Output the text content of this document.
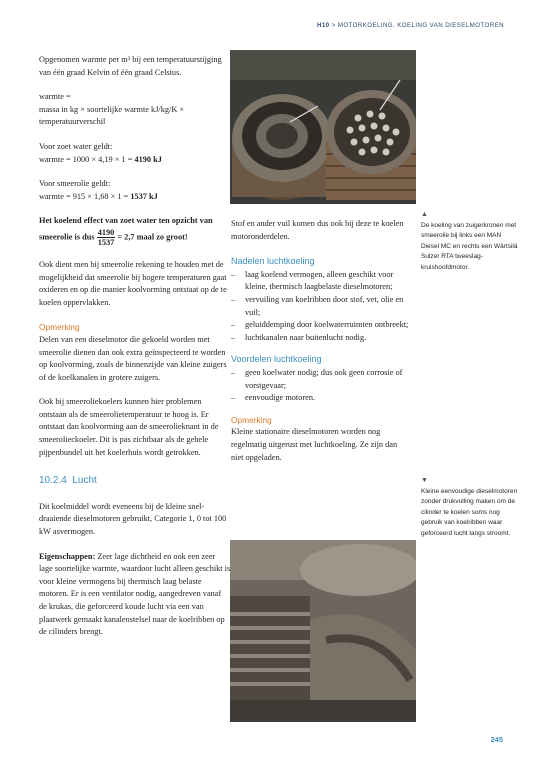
H10 > MOTORKOELING, KOELING VAN DIESELMOTOREN

Opgenomen warmte per m³ bij een temperatuurstijging van één graad Kelvin of één graad Celsius.

warmte =
massa in kg × soortelijke warmte kJ/kg/K ×
temperatuurverschil

Voor zoet water geldt:
warmte = 1000 × 4,19 × 1 = 4190 kJ

Voor smeerolie geldt:
warmte = 915 × 1,68 × 1 = 1537 kJ

Het koelend effect van zoet water ten opzicht van
smeerolie is dus $\frac{4190}{1537} = 2,7$ maal zo groot!

Ook dient men bij smeerolie rekening te houden met de mogelijkheid dat smeerolie bij hogere temperaturen gaat oxideren en op die manier koolvorming ontstaat op de te koelen oppervlakken.

Opmerking

Delen van een dieselmotor die gekoeld worden met smeerolie dienen dan ook extra geïnspecteerd te worden op koolvorming, zoals de binnenzijde van kleine zuigers of de koelkanalen in grotere zuigers.

Ook bij smeeroliekoelers kunnen hier problemen ontstaan als de smeerolietemperatuur te hoog is. Er ontstaat dan koolvorming aan de smeerolieknant in de smeerolieckoeler. Dit is pas zichtbaar als de gehele pijpenbundel uit het koelerhuis wordt getrokken.

10.2.4 Lucht

Dit koelmiddel wordt eveneens bij de kleine snel-draaiende dieselmotoren gebruikt, Categorie 1, 0 tot 100 kW asvermogen.

Eigenschappen: Zeer lage dichtheid en ook een zeer lage soortelijke warmte, waardoor lucht alleen geschikt is voor kleine vermogens bij thermisch laag belaste motoren. Er is een ventilator nodig, aangedreven vanaf de krukas, die geforceerd koude lucht via een van plaatwerk gemaakt kanalenstelsel naar de koelribben op de cilinders brengt.

Stof en ander vuil komen dus ook bij deze te koelen motoronderdelen.

Nadelen luchtkoeling
– laag koelend vermogen, alleen geschikt voor kleine, thermisch laagbelaste dieselmotoren;
– vervuiling van koelribben door stof, vet, olie en vuil;
– geluiddemping door koelwaterruimten ontbreekt;
– luchtkanalen naar buitenlucht nodig.
Voordelen luchtkoeling
– geen koelwater nodig; dus ook geen corrosie of vorstgevaar;
– eenvoudige motoren.
Opmerking

Kleine stationaire dieselmotoren worden nog regelmatig uitgerust met luchtkoeling. Ze zijn dan niet opgeladen.

▲
De koeling van zuigerkronen met smeerolie bij links een MAN Diesel MC en rechts een Wärtsilä Sulzer RTA tweeslag-kruishoofdmotor.
▼
Kleine eenvoudige dieselmotoren zonder drukvulling maken om de cilinder te koelen soms nog gebruik van koelribben waar geforceerd lucht langs stroomt.
245
